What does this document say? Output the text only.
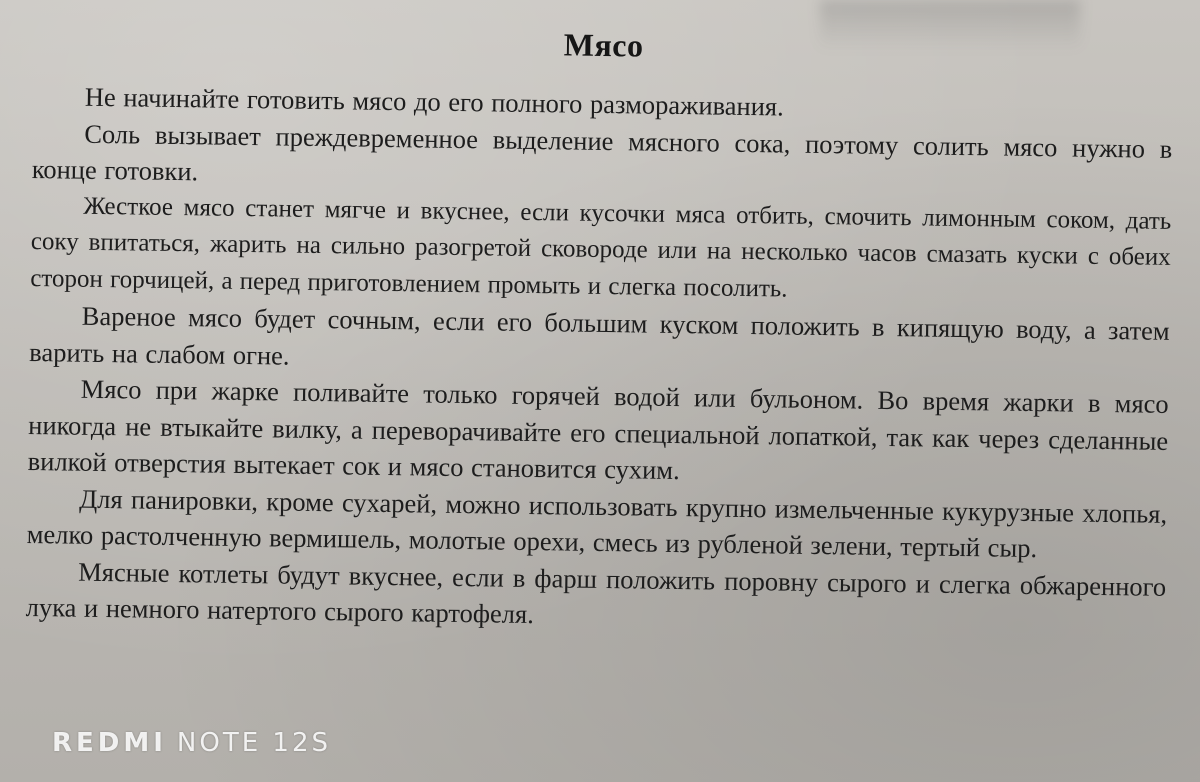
Мясо

Не начинайте готовить мясо до его полного размораживания.

Соль вызывает преждевременное выделение мясного сока, поэтому солить мясо нужно в конце готовки.

Жесткое мясо станет мягче и вкуснее, если кусочки мяса отбить, смочить лимонным соком, дать соку впитаться, жарить на сильно разогретой сковороде или на несколько часов смазать куски с обеих сторон горчицей, а перед приготовлением промыть и слегка посолить.

Вареное мясо будет сочным, если его большим куском положить в кипящую воду, а затем варить на слабом огне.

Мясо при жарке поливайте только горячей водой или бульоном. Во время жарки в мясо никогда не втыкайте вилку, а переворачивайте его специальной лопаткой, так как через сделанные вилкой отверстия вытекает сок и мясо становится сухим.

Для панировки, кроме сухарей, можно использовать крупно измельченные кукурузные хлопья, мелко растолченную вермишель, молотые орехи, смесь из рубленой зелени, тертый сыр.

Мясные котлеты будут вкуснее, если в фарш положить поровну сырого и слегка обжаренного лука и немного натертого сырого картофеля.

REDMI NOTE 12S
